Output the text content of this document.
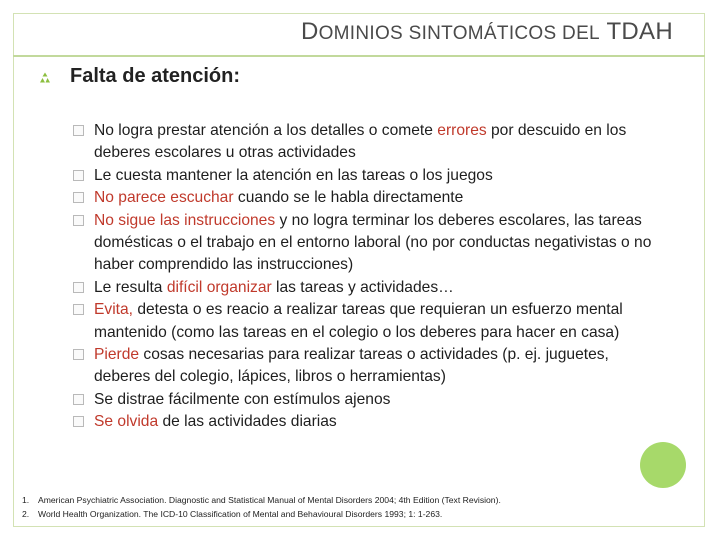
DOMINIOS SINTOMÁTICOS DEL TDAH
Falta de atención:
No logra prestar atención a los detalles o comete errores por descuido en los deberes escolares u otras actividades
Le cuesta mantener la atención en las tareas o los juegos
No parece escuchar cuando se le habla directamente
No sigue las instrucciones y no logra terminar los deberes escolares, las tareas domésticas o el trabajo en el entorno laboral (no por conductas negativistas o no haber comprendido las instrucciones)
Le resulta difícil organizar las tareas y actividades…
Evita, detesta o es reacio a realizar tareas que requieran un esfuerzo mental mantenido (como las tareas en el colegio o los deberes para hacer en casa)
Pierde cosas necesarias para realizar tareas o actividades (p. ej. juguetes, deberes del colegio, lápices, libros o herramientas)
Se distrae fácilmente con estímulos ajenos
Se olvida de las actividades diarias
1. American Psychiatric Association. Diagnostic and Statistical Manual of Mental Disorders 2004; 4th Edition (Text Revision).
2. World Health Organization. The ICD-10 Classification of Mental and Behavioural Disorders 1993; 1: 1-263.
